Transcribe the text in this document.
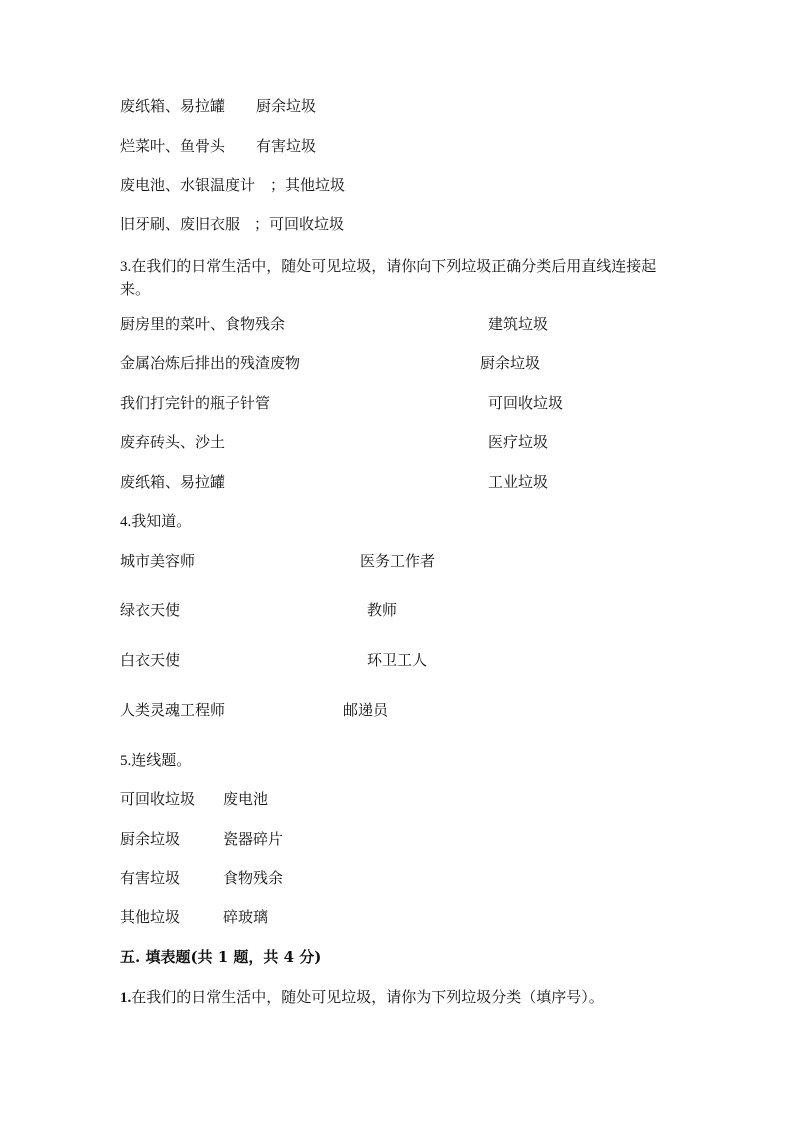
废纸箱、易拉罐 厨余垃圾
烂菜叶、鱼骨头 有害垃圾
废电池、水银温度计 ；其他垃圾
旧牙刷、废旧衣服 ；可回收垃圾
3.在我们的日常生活中，随处可见垃圾，请你向下列垃圾正确分类后用直线连接起来。
厨房里的菜叶、食物残余	建筑垃圾
金属冶炼后排出的残渣废物	厨余垃圾
我们打完针的瓶子针管	可回收垃圾
废弃砖头、沙土	医疗垃圾
废纸箱、易拉罐	工业垃圾
4.我知道。
城市美容师	医务工作者
绿衣天使	教师
白衣天使	环卫工人
人类灵魂工程师	邮递员
5.连线题。
可回收垃圾 废电池
厨余垃圾	瓷器碎片
有害垃圾	食物残余
其他垃圾	碎玻璃
五. 填表题(共 1 题，共 4 分)
1.在我们的日常生活中，随处可见垃圾，请你为下列垃圾分类（填序号）。
